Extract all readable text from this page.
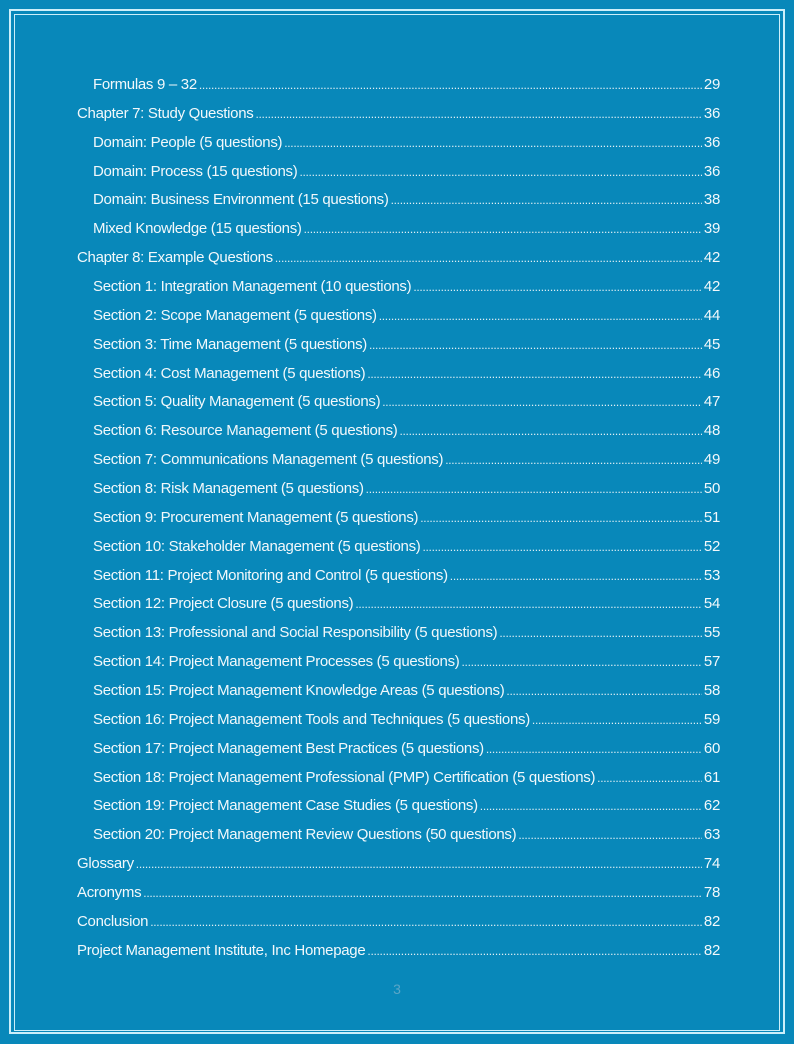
Formulas 9 – 32 .....	29
Chapter 7: Study Questions .....	36
Domain: People (5 questions) .....	36
Domain: Process (15 questions) .....	36
Domain: Business Environment (15 questions) .....	38
Mixed Knowledge (15 questions) .....	39
Chapter 8: Example Questions .....	42
Section 1: Integration Management (10 questions) .....	42
Section 2: Scope Management (5 questions) .....	44
Section 3: Time Management (5 questions) .....	45
Section 4: Cost Management (5 questions) .....	46
Section 5: Quality Management (5 questions) .....	47
Section 6: Resource Management (5 questions) .....	48
Section 7: Communications Management (5 questions) .....	49
Section 8: Risk Management (5 questions) .....	50
Section 9: Procurement Management (5 questions) .....	51
Section 10: Stakeholder Management (5 questions) .....	52
Section 11: Project Monitoring and Control (5 questions) .....	53
Section 12: Project Closure (5 questions) .....	54
Section 13: Professional and Social Responsibility (5 questions) .....	55
Section 14: Project Management Processes (5 questions) .....	57
Section 15: Project Management Knowledge Areas (5 questions) .....	58
Section 16: Project Management Tools and Techniques (5 questions) .....	59
Section 17: Project Management Best Practices (5 questions) .....	60
Section 18: Project Management Professional (PMP) Certification (5 questions) .....	61
Section 19: Project Management Case Studies (5 questions) .....	62
Section 20: Project Management Review Questions (50 questions) .....	63
Glossary .....	74
Acronyms .....	78
Conclusion .....	82
Project Management Institute, Inc Homepage .....	82
3
